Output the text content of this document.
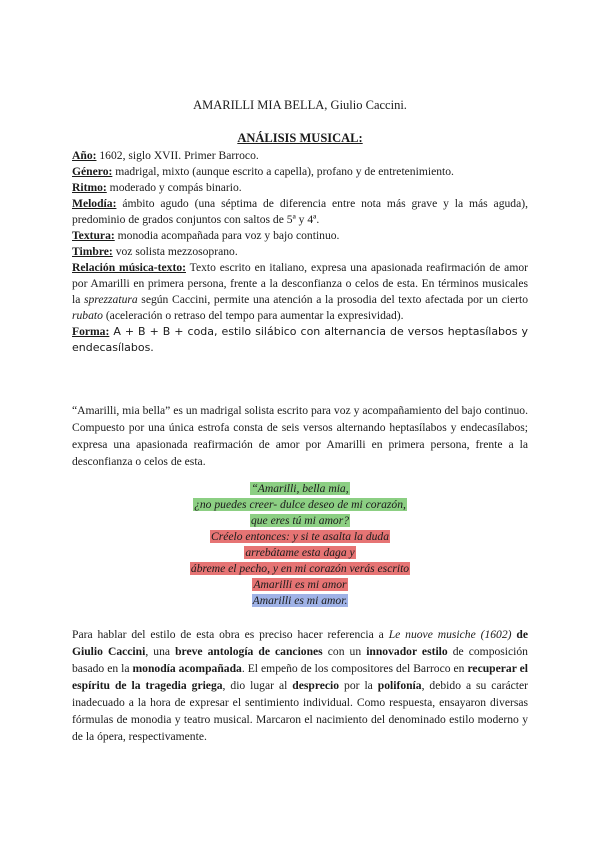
AMARILLI MIA BELLA, Giulio Caccini.
ANÁLISIS MUSICAL:

Año: 1602, siglo XVII. Primer Barroco.

Género: madrigal, mixto (aunque escrito a capella), profano y de entretenimiento.

Ritmo: moderado y compás binario.

Melodía: ámbito agudo (una séptima de diferencia entre nota más grave y la más aguda), predominio de grados conjuntos con saltos de 5ª y 4ª.

Textura: monodia acompañada para voz y bajo continuo.

Timbre: voz solista mezzosoprano.

Relación música-texto: Texto escrito en italiano, expresa una apasionada reafirmación de amor por Amarilli en primera persona, frente a la desconfianza o celos de esta. En términos musicales la sprezzatura según Caccini, permite una atención a la prosodia del texto afectada por un cierto rubato (aceleración o retraso del tempo para aumentar la expresividad).

Forma: A + B + B + coda, estilo silábico con alternancia de versos heptasílabos y endecasílabos.

“Amarilli, mia bella” es un madrigal solista escrito para voz y acompañamiento del bajo continuo. Compuesto por una única estrofa consta de seis versos alternando heptasílabos y endecasílabos; expresa una apasionada reafirmación de amor por Amarilli en primera persona, frente a la desconfianza o celos de esta.

“Amarilli, bella mia,
¿no puedes creer- dulce deseo de mi corazón,
que eres tú mi amor?
Créelo entonces: y si te asalta la duda
arrebátame esta daga y
ábreme el pecho, y en mi corazón verás escrito
Amarilli es mi amor
Amarilli es mi amor.

Para hablar del estilo de esta obra es preciso hacer referencia a Le nuove musiche (1602) de Giulio Caccini, una breve antología de canciones con un innovador estilo de composición basado en la monodía acompañada. El empeño de los compositores del Barroco en recuperar el espíritu de la tragedia griega, dio lugar al desprecio por la polifonía, debido a su carácter inadecuado a la hora de expresar el sentimiento individual. Como respuesta, ensayaron diversas fórmulas de monodia y teatro musical. Marcaron el nacimiento del denominado estilo moderno y de la ópera, respectivamente.
